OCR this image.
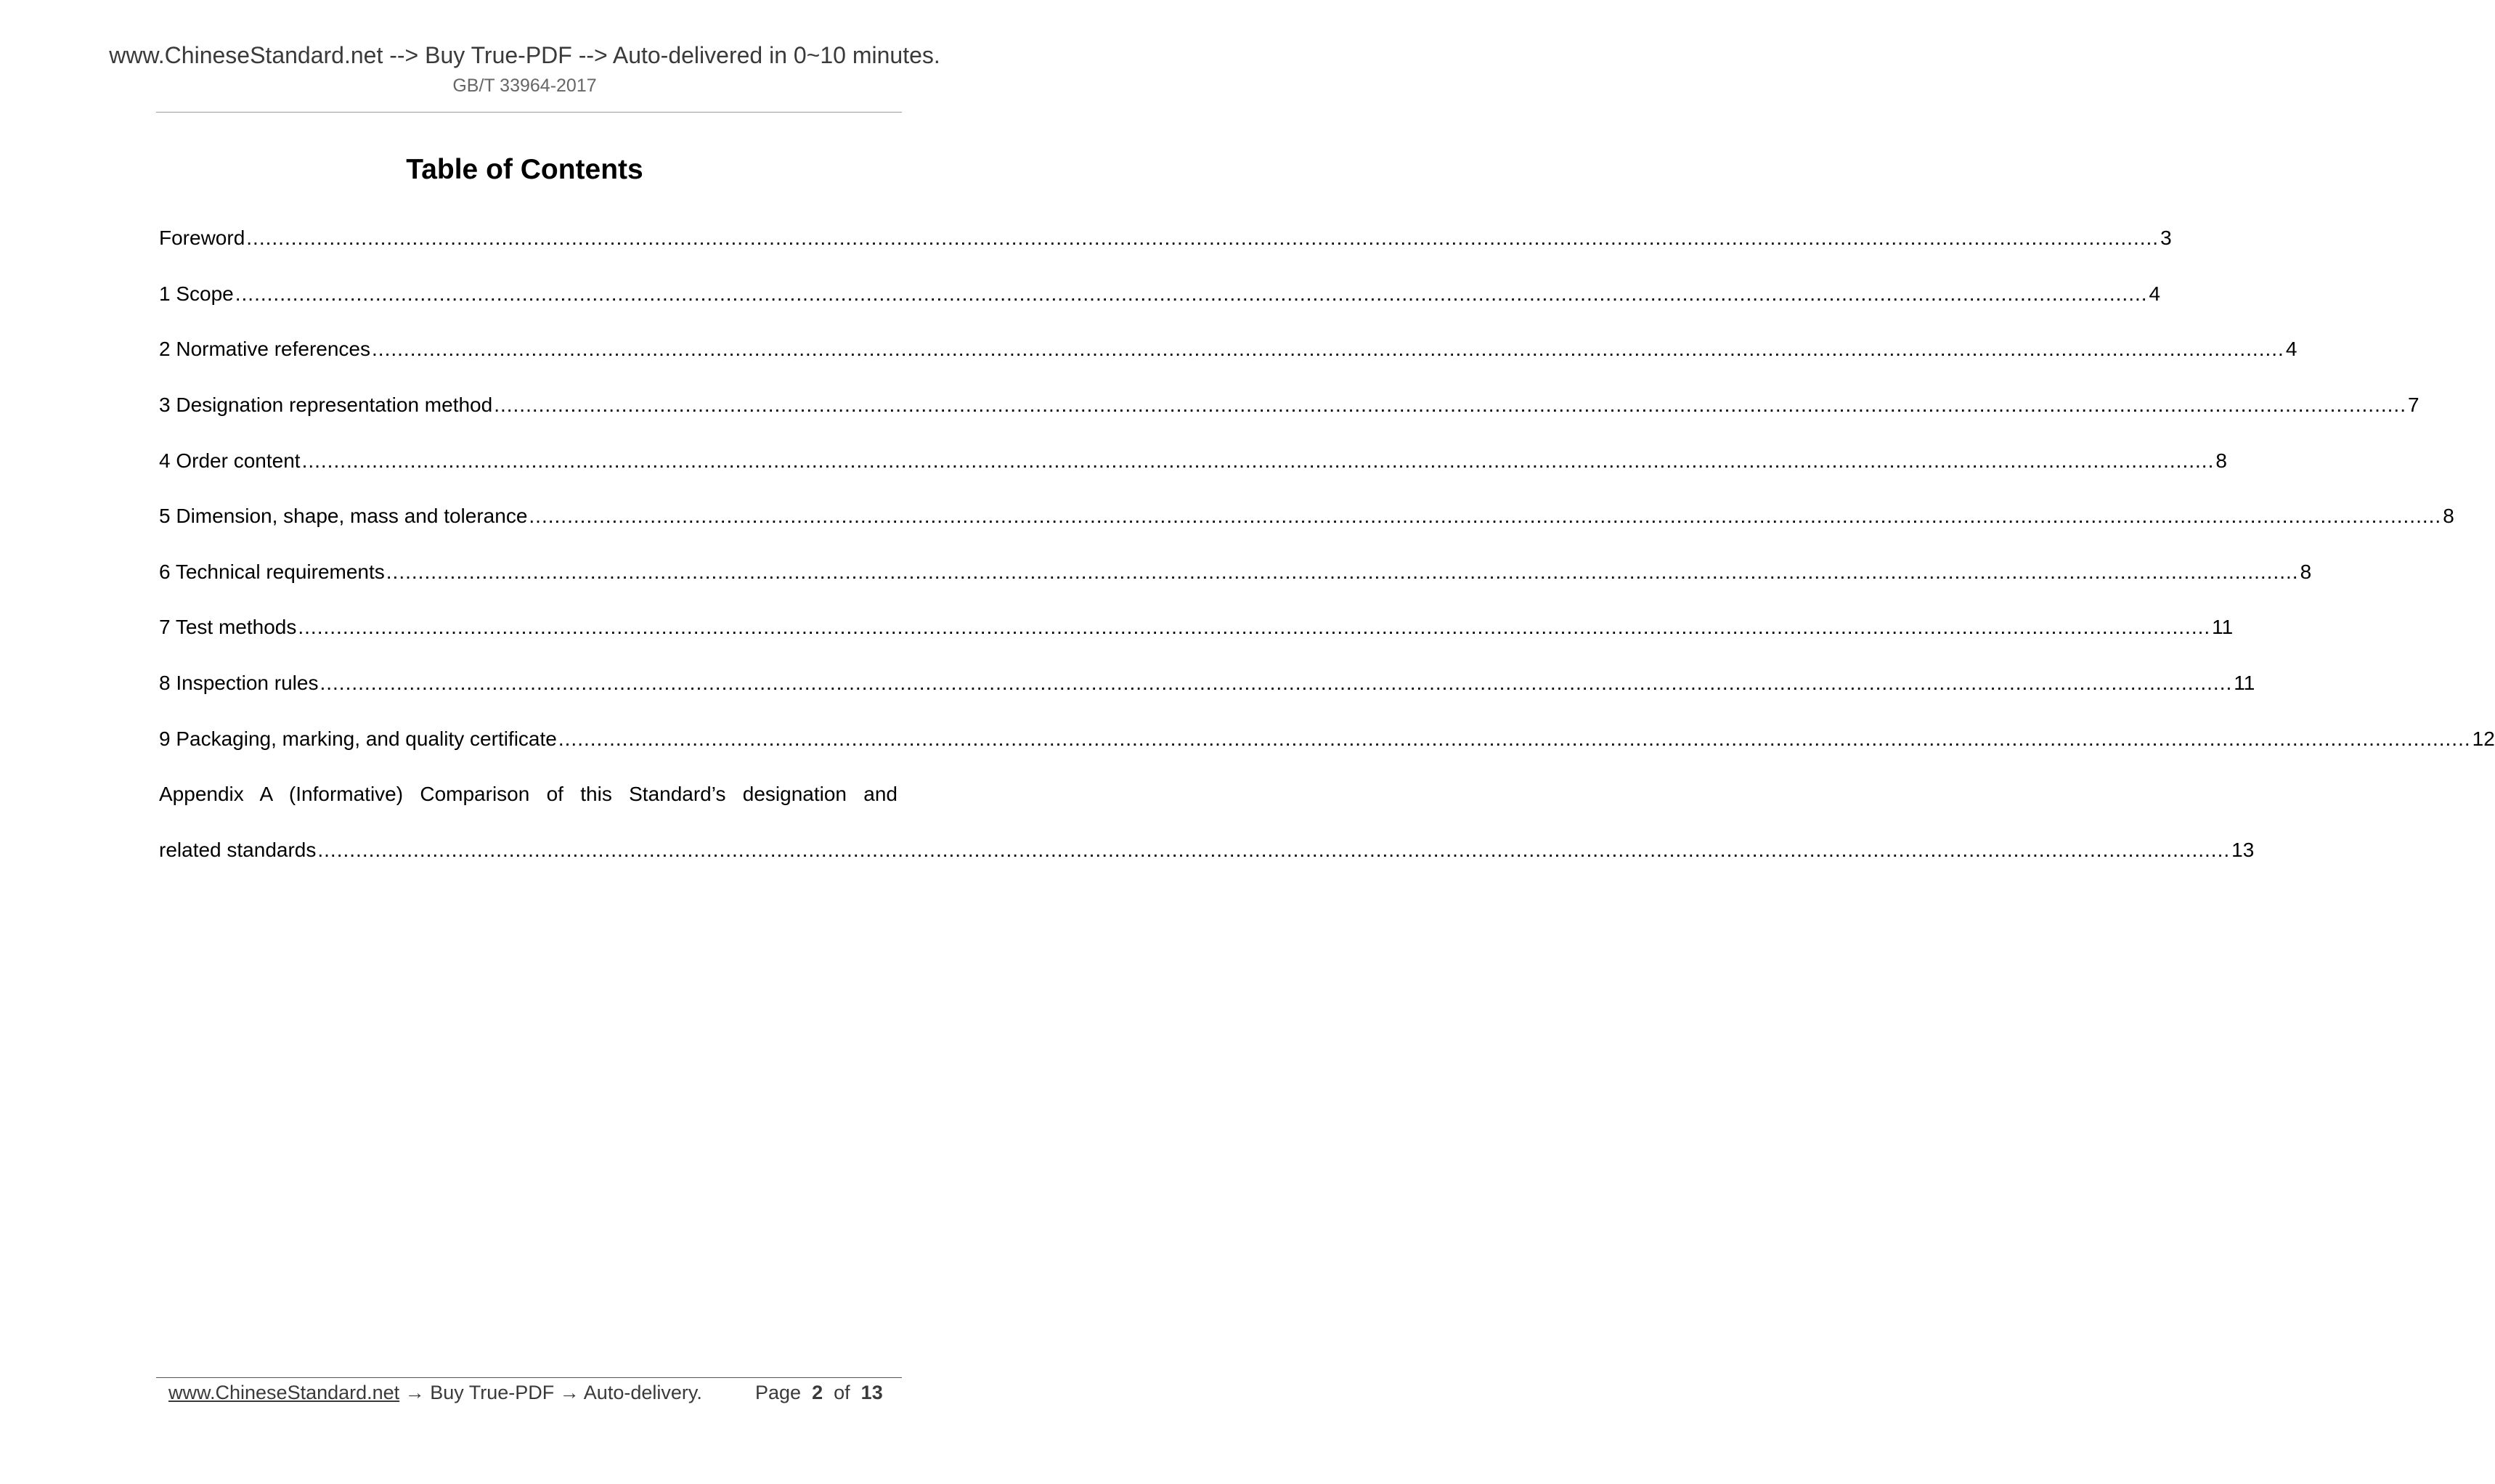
www.ChineseStandard.net --> Buy True-PDF --> Auto-delivered in 0~10 minutes.
GB/T 33964-2017
Table of Contents
Foreword ............................................................................................................................................................................................................................................................................................................ 3
1 Scope ............................................................................................................................................................................................................................................................................................................ 4
2 Normative references ............................................................................................................................................................................................................................................................................................................ 4
3 Designation representation method ............................................................................................................................................................................................................................................................................................................ 7
4 Order content ............................................................................................................................................................................................................................................................................................................ 8
5 Dimension, shape, mass and tolerance ............................................................................................................................................................................................................................................................................................................ 8
6 Technical requirements ............................................................................................................................................................................................................................................................................................................ 8
7 Test methods ............................................................................................................................................................................................................................................................................................................ 11
8 Inspection rules ............................................................................................................................................................................................................................................................................................................ 11
9 Packaging, marking, and quality certificate ............................................................................................................................................................................................................................................................................................................ 12
Appendix A (Informative) Comparison of this Standard’s designation and
related standards ............................................................................................................................................................................................................................................................................................................ 13
www.ChineseStandard.net → Buy True-PDF → Auto-delivery.	Page 2 of 13
